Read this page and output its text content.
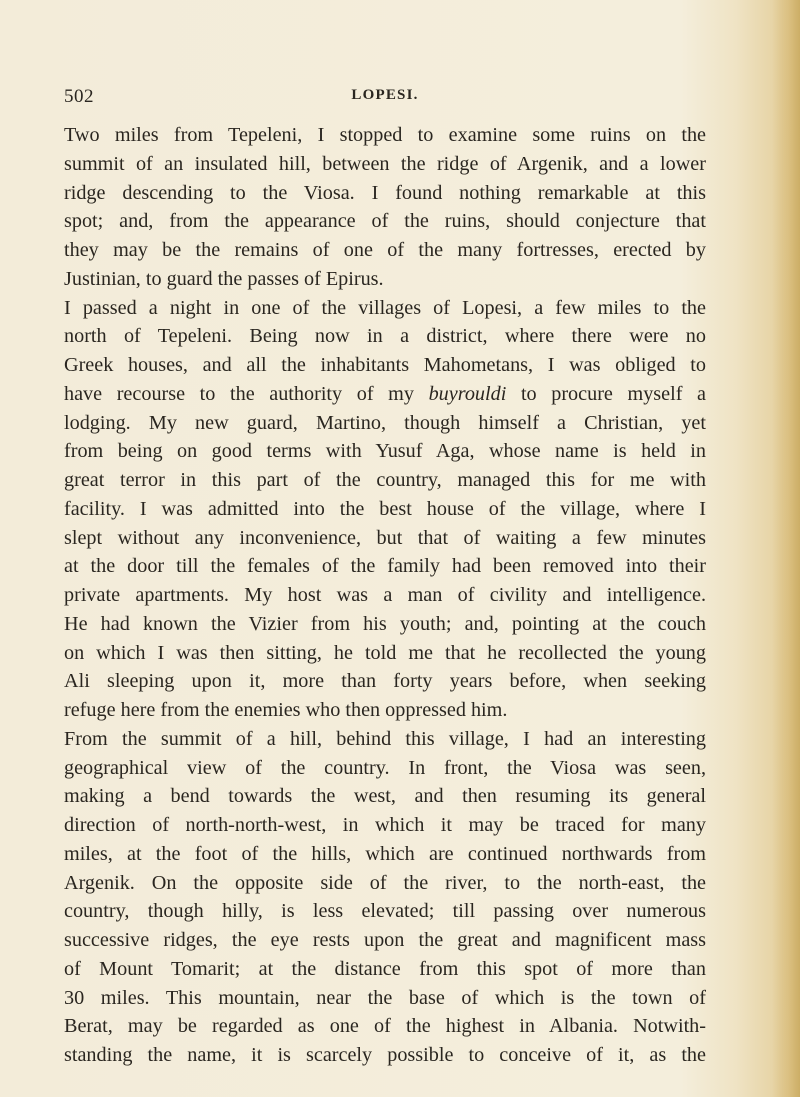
502	LOPESI.
Two miles from Tepeleni, I stopped to examine some ruins on the
summit of an insulated hill, between the ridge of Argenik, and a lower
ridge descending to the Viosa. I found nothing remarkable at this
spot; and, from the appearance of the ruins, should conjecture that
they may be the remains of one of the many fortresses, erected by
Justinian, to guard the passes of Epirus.
I passed a night in one of the villages of Lopesi, a few miles to the
north of Tepeleni. Being now in a district, where there were no
Greek houses, and all the inhabitants Mahometans, I was obliged to
have recourse to the authority of my buyrouldi to procure myself a
lodging. My new guard, Martino, though himself a Christian, yet
from being on good terms with Yusuf Aga, whose name is held in
great terror in this part of the country, managed this for me with
facility. I was admitted into the best house of the village, where I
slept without any inconvenience, but that of waiting a few minutes
at the door till the females of the family had been removed into their
private apartments. My host was a man of civility and intelligence.
He had known the Vizier from his youth; and, pointing at the couch
on which I was then sitting, he told me that he recollected the young
Ali sleeping upon it, more than forty years before, when seeking
refuge here from the enemies who then oppressed him.
From the summit of a hill, behind this village, I had an interesting
geographical view of the country. In front, the Viosa was seen,
making a bend towards the west, and then resuming its general
direction of north-north-west, in which it may be traced for many
miles, at the foot of the hills, which are continued northwards from
Argenik. On the opposite side of the river, to the north-east, the
country, though hilly, is less elevated; till passing over numerous
successive ridges, the eye rests upon the great and magnificent mass
of Mount Tomarit; at the distance from this spot of more than
30 miles. This mountain, near the base of which is the town of
Berat, may be regarded as one of the highest in Albania. Notwith-
standing the name, it is scarcely possible to conceive of it, as the
